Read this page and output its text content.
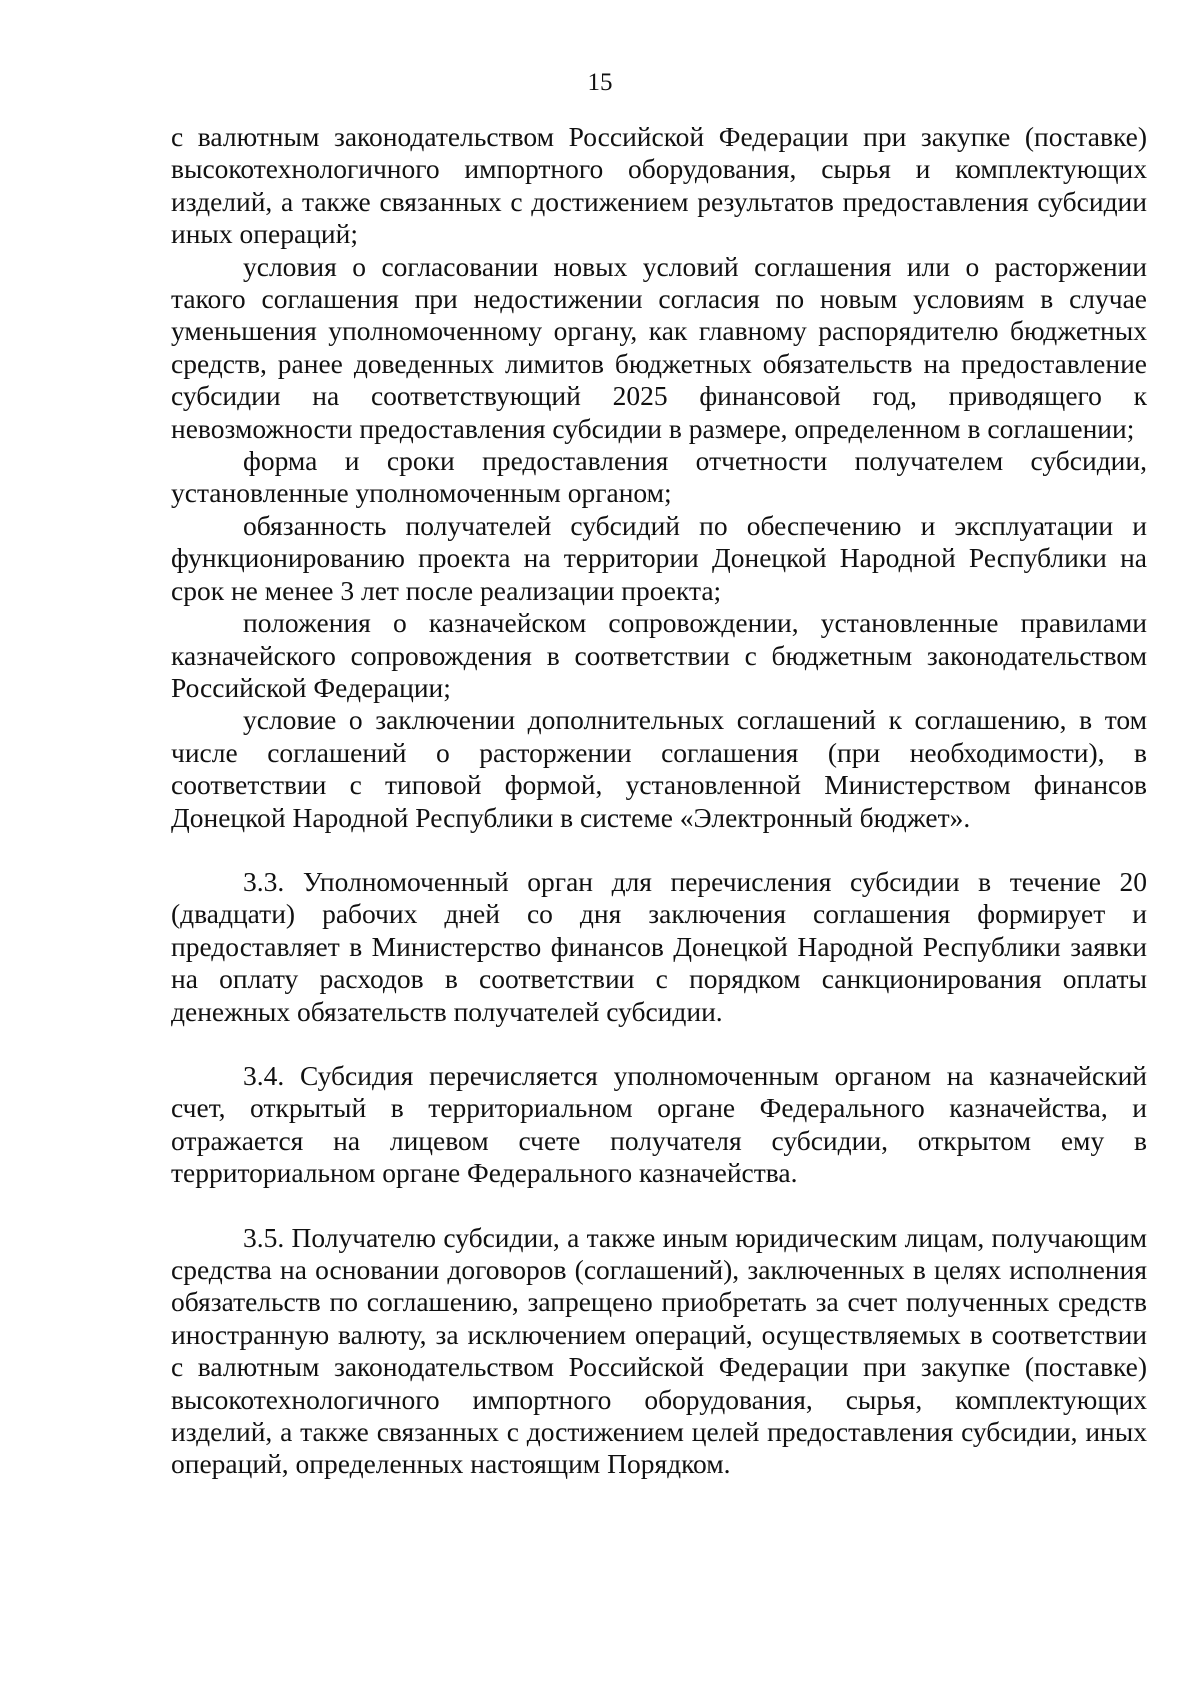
15

с валютным законодательством Российской Федерации при закупке (поставке) высокотехнологичного импортного оборудования, сырья и комплектующих изделий, а также связанных с достижением результатов предоставления субсидии иных операций;

условия о согласовании новых условий соглашения или о расторжении такого соглашения при недостижении согласия по новым условиям в случае уменьшения уполномоченному органу, как главному распорядителю бюджетных средств, ранее доведенных лимитов бюджетных обязательств на предоставление субсидии на соответствующий 2025 финансовой год, приводящего к невозможности предоставления субсидии в размере, определенном в соглашении;

форма и сроки предоставления отчетности получателем субсидии, установленные уполномоченным органом;

обязанность получателей субсидий по обеспечению и эксплуатации и функционированию проекта на территории Донецкой Народной Республики на срок не менее 3 лет после реализации проекта;

положения о казначейском сопровождении, установленные правилами казначейского сопровождения в соответствии с бюджетным законодательством Российской Федерации;

условие о заключении дополнительных соглашений к соглашению, в том числе соглашений о расторжении соглашения (при необходимости), в соответствии с типовой формой, установленной Министерством финансов Донецкой Народной Республики в системе «Электронный бюджет».

3.3. Уполномоченный орган для перечисления субсидии в течение 20 (двадцати) рабочих дней со дня заключения соглашения формирует и предоставляет в Министерство финансов Донецкой Народной Республики заявки на оплату расходов в соответствии с порядком санкционирования оплаты денежных обязательств получателей субсидии.

3.4. Субсидия перечисляется уполномоченным органом на казначейский счет, открытый в территориальном органе Федерального казначейства, и отражается на лицевом счете получателя субсидии, открытом ему в территориальном органе Федерального казначейства.

3.5. Получателю субсидии, а также иным юридическим лицам, получающим средства на основании договоров (соглашений), заключенных в целях исполнения обязательств по соглашению, запрещено приобретать за счет полученных средств иностранную валюту, за исключением операций, осуществляемых в соответствии с валютным законодательством Российской Федерации при закупке (поставке) высокотехнологичного импортного оборудования, сырья, комплектующих изделий, а также связанных с достижением целей предоставления субсидии, иных операций, определенных настоящим Порядком.
